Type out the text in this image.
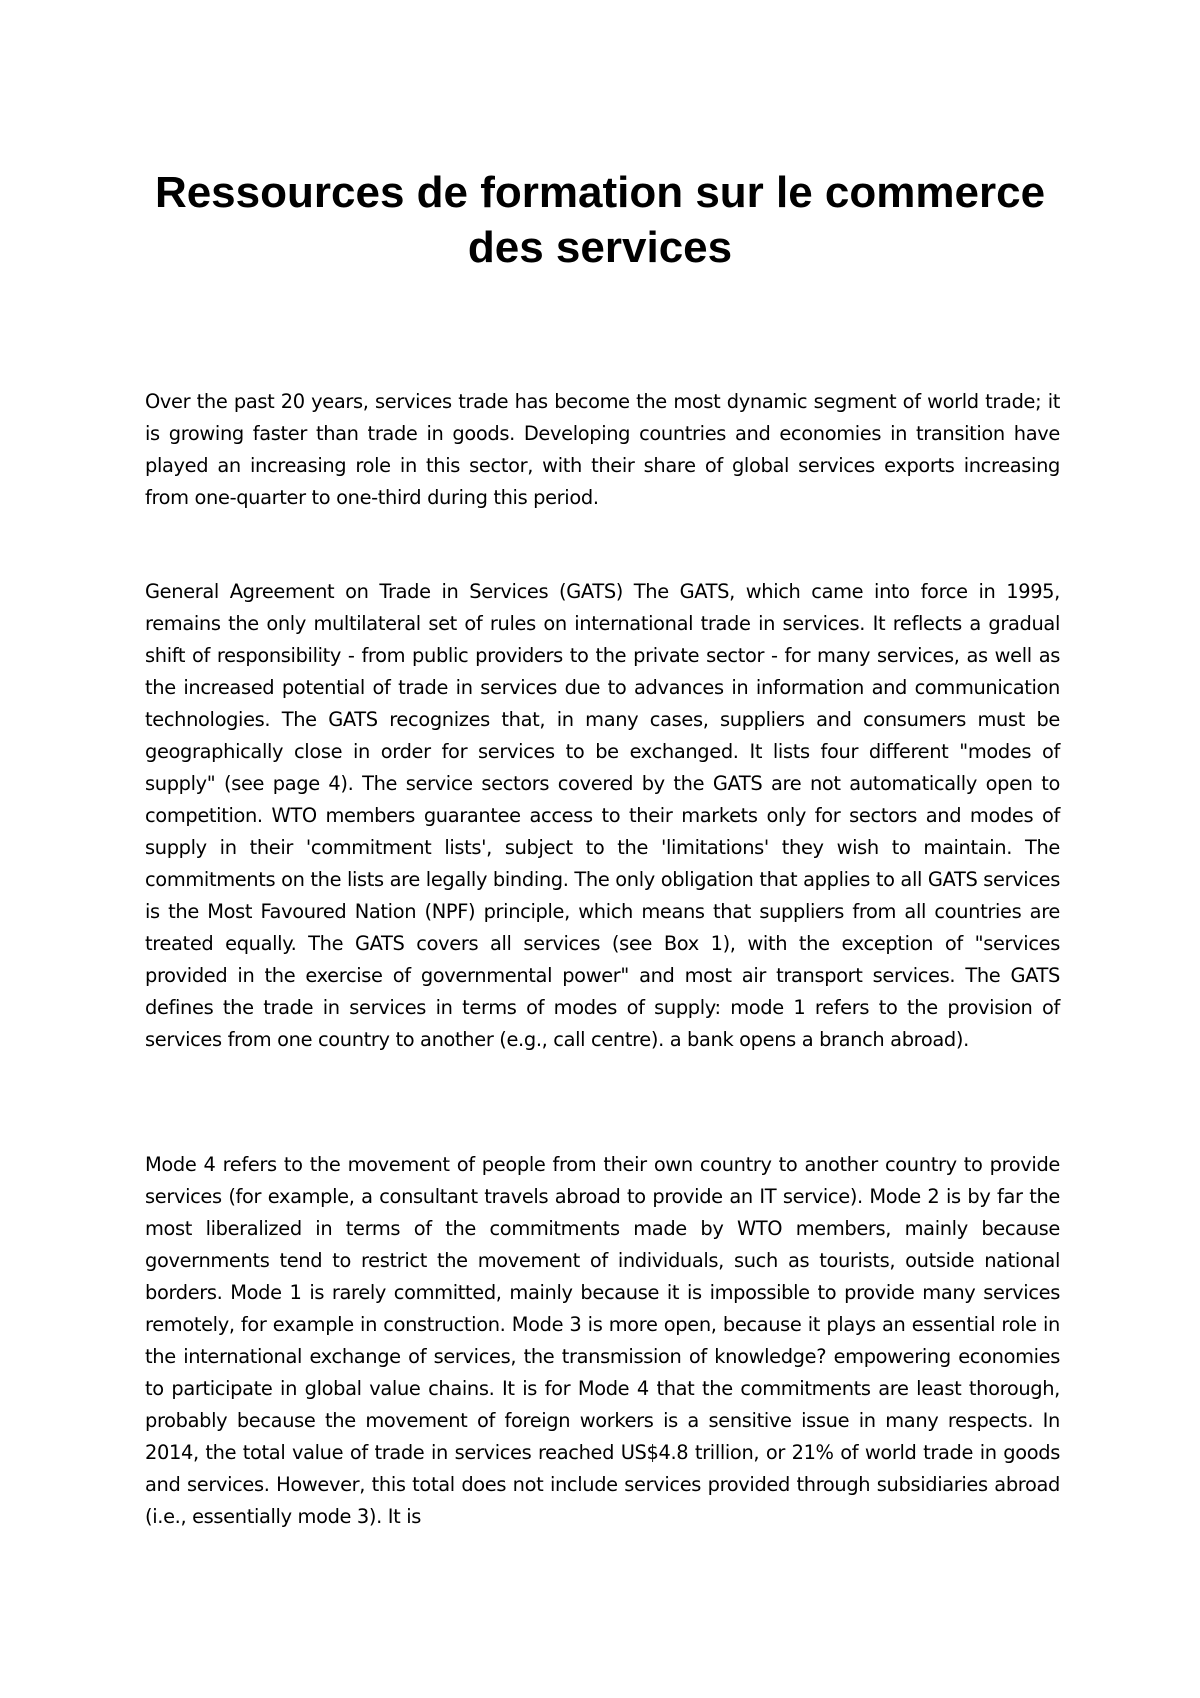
Ressources de formation sur le commerce des services

Over the past 20 years, services trade has become the most dynamic segment of world trade; it is growing faster than trade in goods. Developing countries and economies in transition have played an increasing role in this sector, with their share of global services exports increasing from one-quarter to one-third during this period.

General Agreement on Trade in Services (GATS) The GATS, which came into force in 1995, remains the only multilateral set of rules on international trade in services. It reflects a gradual shift of responsibility - from public providers to the private sector - for many services, as well as the increased potential of trade in services due to advances in information and communication technologies. The GATS recognizes that, in many cases, suppliers and consumers must be geographically close in order for services to be exchanged. It lists four different "modes of supply" (see page 4). The service sectors covered by the GATS are not automatically open to competition. WTO members guarantee access to their markets only for sectors and modes of supply in their 'commitment lists', subject to the 'limitations' they wish to maintain. The commitments on the lists are legally binding. The only obligation that applies to all GATS services is the Most Favoured Nation (NPF) principle, which means that suppliers from all countries are treated equally. The GATS covers all services (see Box 1), with the exception of "services provided in the exercise of governmental power" and most air transport services. The GATS defines the trade in services in terms of modes of supply: mode 1 refers to the provision of services from one country to another (e.g., call centre). a bank opens a branch abroad).

Mode 4 refers to the movement of people from their own country to another country to provide services (for example, a consultant travels abroad to provide an IT service). Mode 2 is by far the most liberalized in terms of the commitments made by WTO members, mainly because governments tend to restrict the movement of individuals, such as tourists, outside national borders. Mode 1 is rarely committed, mainly because it is impossible to provide many services remotely, for example in construction. Mode 3 is more open, because it plays an essential role in the international exchange of services, the transmission of knowledge? empowering economies to participate in global value chains. It is for Mode 4 that the commitments are least thorough, probably because the movement of foreign workers is a sensitive issue in many respects. In 2014, the total value of trade in services reached US$4.8 trillion, or 21% of world trade in goods and services. However, this total does not include services provided through subsidiaries abroad (i.e., essentially mode 3). It is
